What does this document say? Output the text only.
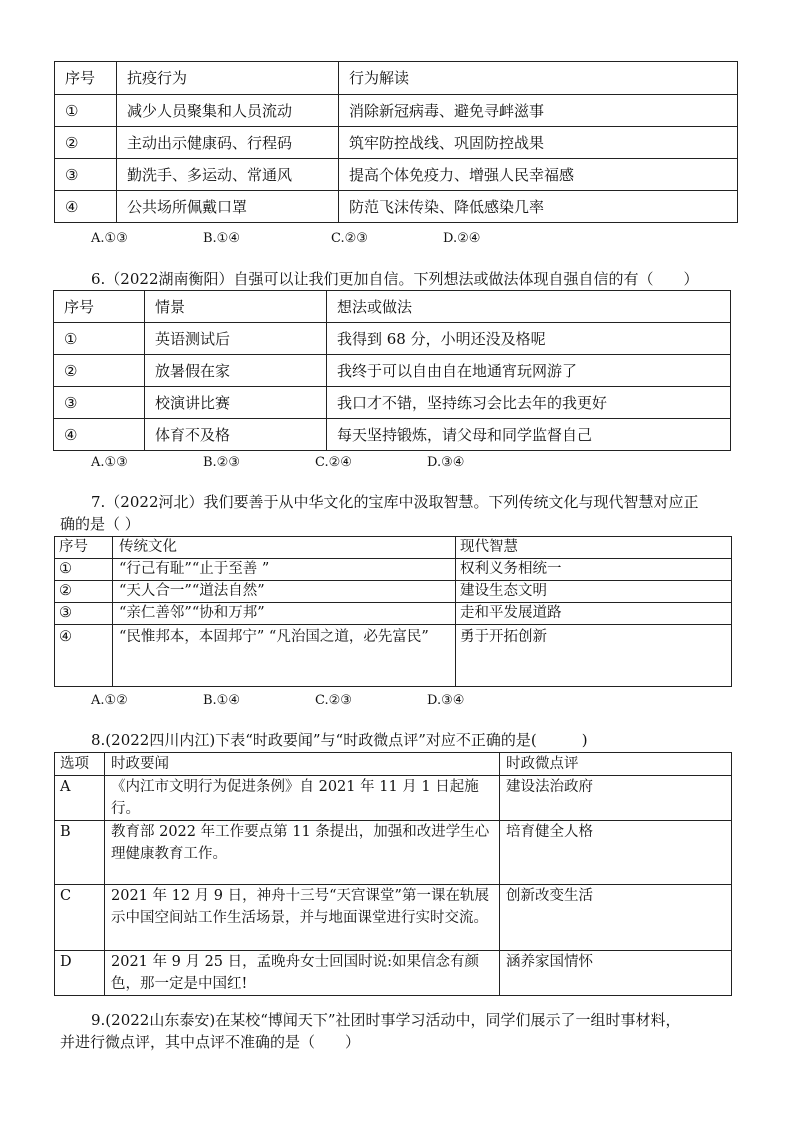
序号	抗疫行为	行为解读
①	减少人员聚集和人员流动	消除新冠病毒、避免寻衅滋事
②	主动出示健康码、行程码	筑牢防控战线、巩固防控战果
③	勤洗手、多运动、常通风	提高个体免疫力、增强人民幸福感
④	公共场所佩戴口罩	防范飞沫传染、降低感染几率
A.①③	B.①④	C.②③	D.②④
6.（2022湖南衡阳）自强可以让我们更加自信。下列想法或做法体现自强自信的有（　　）
序号	情景	想法或做法
①	英语测试后	我得到 68 分，小明还没及格呢
②	放暑假在家	我终于可以自由自在地通宵玩网游了
③	校演讲比赛	我口才不错，坚持练习会比去年的我更好
④	体育不及格	每天坚持锻炼，请父母和同学监督自己
A.①③	B.②③	C.②④	D.③④
7.（2022河北）我们要善于从中华文化的宝库中汲取智慧。下列传统文化与现代智慧对应正
确的是（ ）
序号	传统文化	现代智慧
①	“行己有耻”“止于至善 ”	权利义务相统一
②	“天人合一”“道法自然”	建设生态文明
③	“亲仁善邻”“协和万邦”	走和平发展道路
④	“民惟邦本，本固邦宁” “凡治国之道，必先富民”	勇于开拓创新
A.①②	B.①④	C.②③	D.③④
8.(2022四川内江)下表“时政要闻”与“时政微点评”对应不正确的是(　　　)
选项	时政要闻	时政微点评
A	《内江市文明行为促进条例》自 2021 年 11 月 1 日起施行。	建设法治政府
B	教育部 2022 年工作要点第 11 条提出，加强和改进学生心理健康教育工作。	培育健全人格
C	2021 年 12 月 9 日，神舟十三号“天宫课堂”第一课在轨展示中国空间站工作生活场景，并与地面课堂进行实时交流。	创新改变生活
D	2021 年 9 月 25 日，孟晚舟女士回国时说:如果信念有颜色，那一定是中国红!	涵养家国情怀
9.(2022山东泰安)在某校“博闻天下”社团时事学习活动中，同学们展示了一组时事材料，
并进行微点评，其中点评不准确的是（　　）
